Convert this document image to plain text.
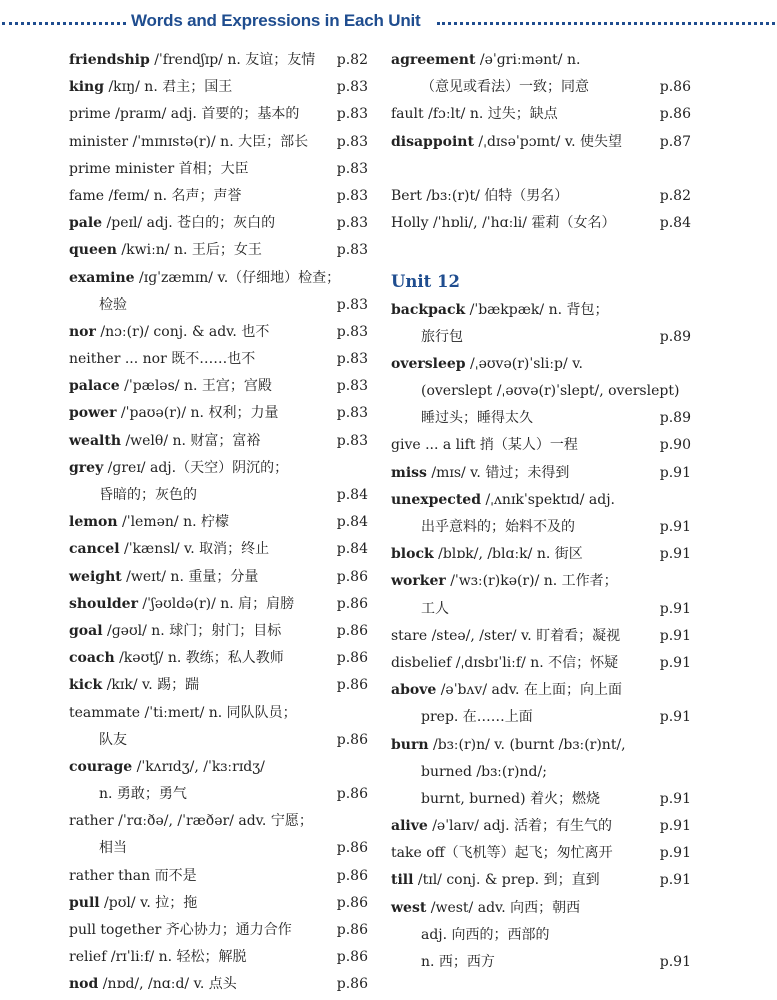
Words and Expressions in Each Unit
friendship /ˈfrendʃɪp/ n. 友谊；友情 p.82
king /kɪŋ/ n. 君主；国王	p.83
prime /praɪm/ adj. 首要的；基本的	p.83
minister /ˈmɪnɪstə(r)/ n. 大臣；部长 p.83
prime minister 首相；大臣	p.83
fame /feɪm/ n. 名声；声誉	p.83
pale /peɪl/ adj. 苍白的；灰白的	p.83
queen /kwiːn/ n. 王后；女王	p.83
examine /ɪɡˈzæmɪn/ v.（仔细地）检查；
检验	p.83
nor /nɔː(r)/ conj. & adv. 也不	p.83
neither ... nor 既不……也不	p.83
palace /ˈpæləs/ n. 王宫；宫殿	p.83
power /ˈpaʊə(r)/ n. 权利；力量	p.83
wealth /welθ/ n. 财富；富裕	p.83
grey /ɡreɪ/ adj.（天空）阴沉的；
昏暗的；灰色的	p.84
lemon /ˈlemən/ n. 柠檬	p.84
cancel /ˈkænsl/ v. 取消；终止	p.84
weight /weɪt/ n. 重量；分量	p.86
shoulder /ˈʃəʊldə(r)/ n. 肩；肩膀	p.86
goal /ɡəʊl/ n. 球门；射门；目标	p.86
coach /kəʊtʃ/ n. 教练；私人教师	p.86
kick /kɪk/ v. 踢；踹	p.86
teammate /ˈtiːmeɪt/ n. 同队队员；
队友	p.86
courage /ˈkʌrɪdʒ/, /ˈkɜːrɪdʒ/
n. 勇敢；勇气	p.86
rather /ˈrɑːðə/, /ˈræðər/ adv. 宁愿；
相当	p.86
rather than 而不是	p.86
pull /pʊl/ v. 拉；拖	p.86
pull together 齐心协力；通力合作	p.86
relief /rɪˈliːf/ n. 轻松；解脱	p.86
nod /nɒd/, /nɑːd/ v. 点头	p.86
agreement /əˈɡriːmənt/ n.
（意见或看法）一致；同意	p.86
fault /fɔːlt/ n. 过失；缺点	p.86
disappoint /ˌdɪsəˈpɔɪnt/ v. 使失望	p.87
Bert /bɜː(r)t/ 伯特（男名）	p.82
Holly /ˈhɒli/, /ˈhɑːli/ 霍莉（女名）	p.84
Unit 12
backpack /ˈbækpæk/ n. 背包；
旅行包	p.89
oversleep /ˌəʊvə(r)ˈsliːp/ v.
(overslept /ˌəʊvə(r)ˈslept/, overslept)
睡过头；睡得太久	p.89
give ... a lift 捎（某人）一程	p.90
miss /mɪs/ v. 错过；未得到	p.91
unexpected /ˌʌnɪkˈspektɪd/ adj.
出乎意料的；始料不及的	p.91
block /blɒk/, /blɑːk/ n. 街区	p.91
worker /ˈwɜː(r)kə(r)/ n. 工作者；
工人	p.91
stare /steə/, /ster/ v. 盯着看；凝视	p.91
disbelief /ˌdɪsbɪˈliːf/ n. 不信；怀疑	p.91
above /əˈbʌv/ adv. 在上面；向上面
prep. 在……上面	p.91
burn /bɜː(r)n/ v. (burnt /bɜː(r)nt/,
burned /bɜː(r)nd/;
burnt, burned) 着火；燃烧	p.91
alive /əˈlaɪv/ adj. 活着；有生气的	p.91
take off（飞机等）起飞；匆忙离开	p.91
till /tɪl/ conj. & prep. 到；直到	p.91
west /west/ adv. 向西；朝西
adj. 向西的；西部的
n. 西；西方	p.91
